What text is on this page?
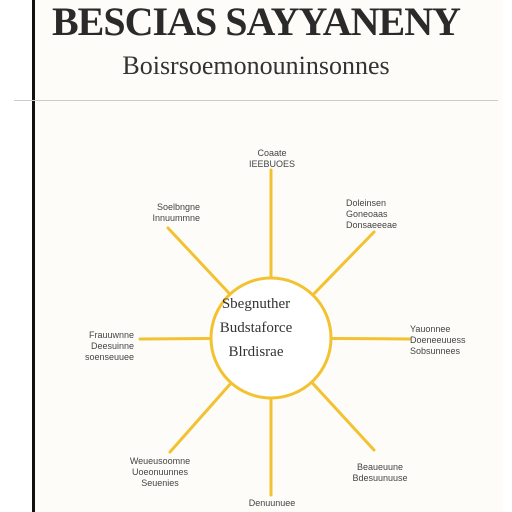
BESCIAS SAYYANENY
Boisrsoemonouninsonnes
Sbegnuther
Budstaforce
Blrdisrae
Coaate
IEEBUOES
Soelbngne
Innuummne
Doleinsen
Goneoaas
Donsaeeeae
Frauuwnne
Deesuinne
soenseuuee
Yauonnee
Doeneeuuess
Sobsunnees
Weueusoomne
Uoeonuunnes
Seuenies
Beaueuune
Bdesuunuuse
Denuunuee
